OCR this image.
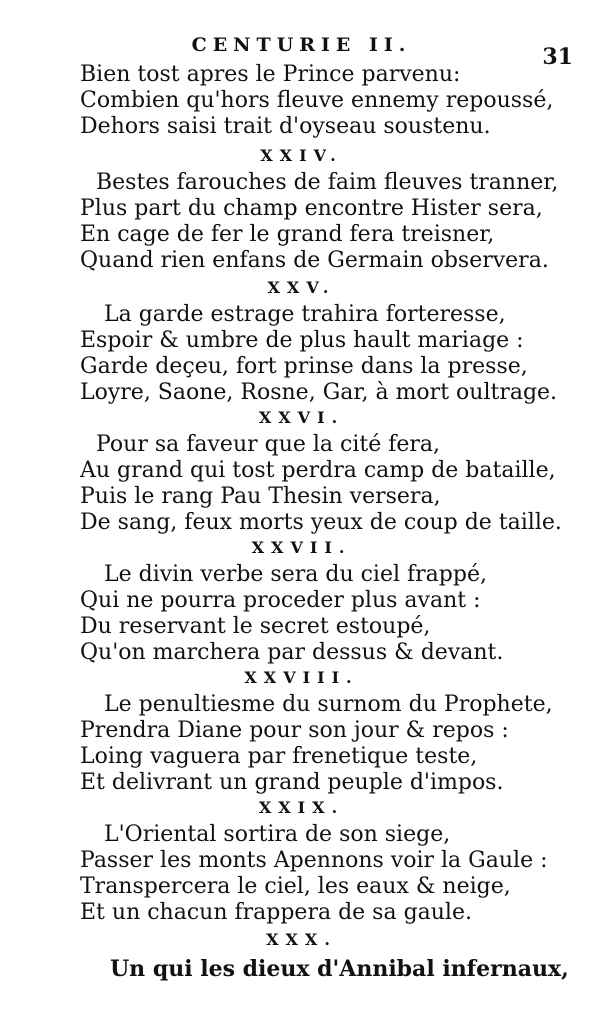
CENTURIE II.	31
Bien tost apres le Prince parvenu:
Combien qu'hors fleuve ennemy repoussé,
Dehors saisi trait d'oyseau soustenu.
XXIV.
Bestes farouches de faim fleuves tranner,
Plus part du champ encontre Hister sera,
En cage de fer le grand fera treisner,
Quand rien enfans de Germain observera.
XXV.
La garde estrage trahira forteresse,
Espoir & umbre de plus hault mariage :
Garde deçeu, fort prinse dans la presse,
Loyre, Saone, Rosne, Gar, à mort oultrage.
XXVI.
Pour sa faveur que la cité fera,
Au grand qui tost perdra camp de bataille,
Puis le rang Pau Thesin versera,
De sang, feux morts yeux de coup de taille.
XXVII.
Le divin verbe sera du ciel frappé,
Qui ne pourra proceder plus avant :
Du reservant le secret estoupé,
Qu'on marchera par dessus & devant.
XXVIII.
Le penultiesme du surnom du Prophete,
Prendra Diane pour son jour & repos :
Loing vaguera par frenetique teste,
Et delivrant un grand peuple d'impos.
XXIX.
L'Oriental sortira de son siege,
Passer les monts Apennons voir la Gaule :
Transpercera le ciel, les eaux & neige,
Et un chacun frappera de sa gaule.
XXX.
Un qui les dieux d'Annibal infernaux,
